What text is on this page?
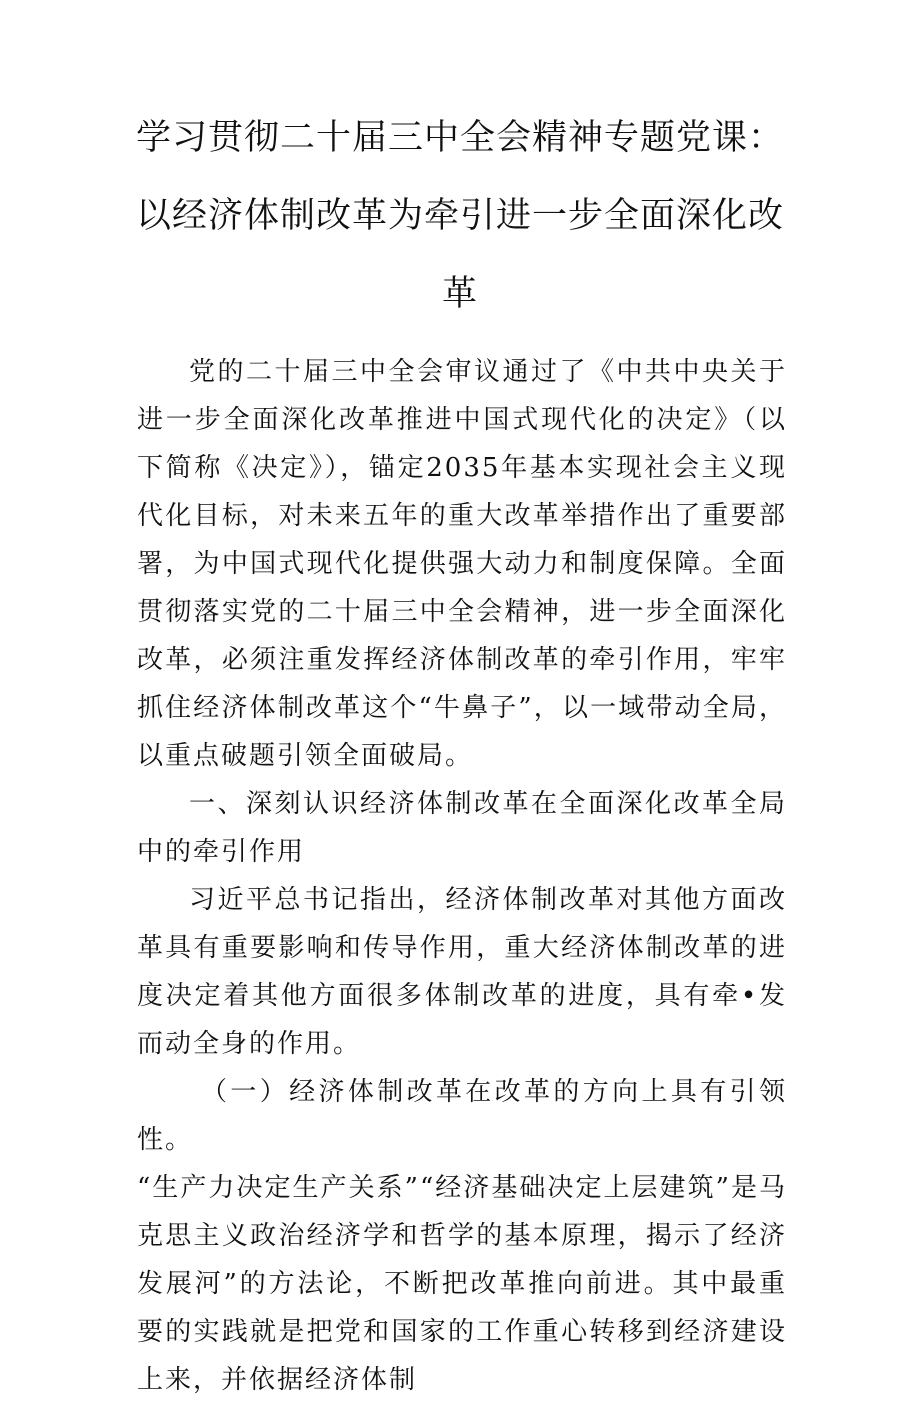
学习贯彻二十届三中全会精神专题党课：
以经济体制改革为牵引进一步全面深化改
革

党的二十届三中全会审议通过了《中共中央关于进一步全面深化改革推进中国式现代化的决定》（以下简称《决定》），锚定2035年基本实现社会主义现代化目标，对未来五年的重大改革举措作出了重要部署，为中国式现代化提供强大动力和制度保障。全面贯彻落实党的二十届三中全会精神，进一步全面深化改革，必须注重发挥经济体制改革的牵引作用，牢牢抓住经济体制改革这个“牛鼻子”，以一域带动全局，以重点破题引领全面破局。

一、深刻认识经济体制改革在全面深化改革全局中的牵引作用

习近平总书记指出，经济体制改革对其他方面改革具有重要影响和传导作用，重大经济体制改革的进度决定着其他方面很多体制改革的进度，具有牵•发而动全身的作用。

（一）经济体制改革在改革的方向上具有引领性。

“生产力决定生产关系”“经济基础决定上层建筑”是马克思主义政治经济学和哲学的基本原理，揭示了经济发展河”的方法论，不断把改革推向前进。其中最重要的实践就是把党和国家的工作重心转移到经济建设上来，并依据经济体制
